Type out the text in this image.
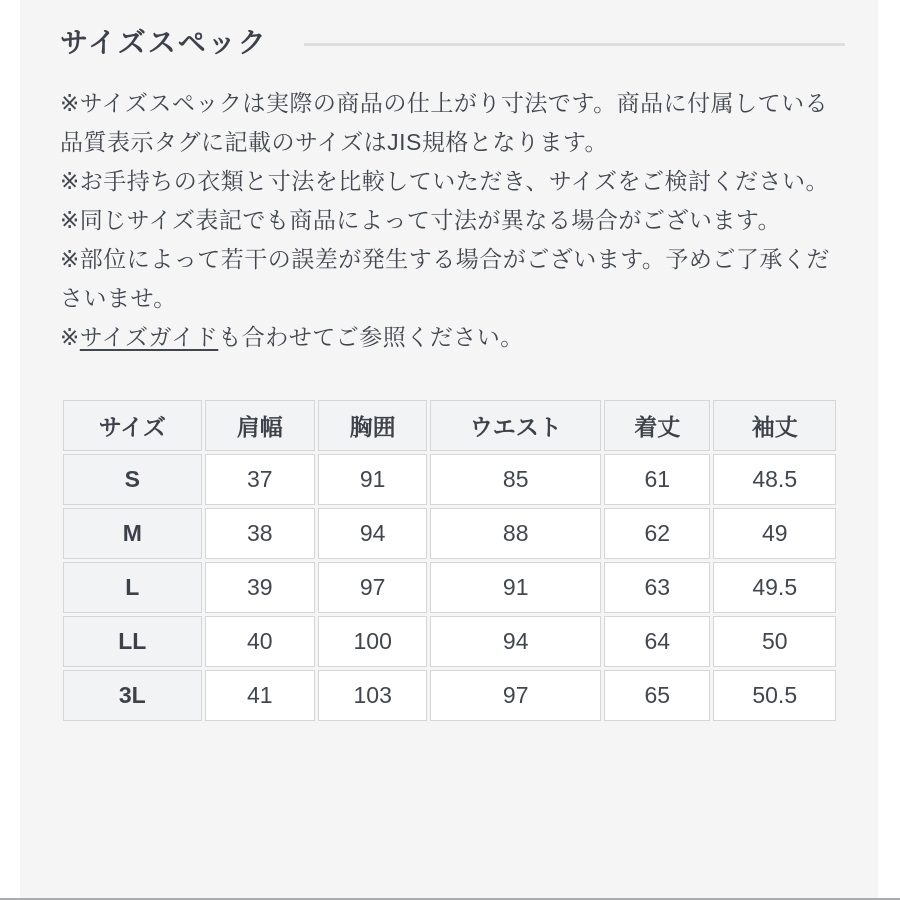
サイズスペック
※サイズスペックは実際の商品の仕上がり寸法です。商品に付属している品質表示タグに記載のサイズはJIS規格となります。
※お手持ちの衣類と寸法を比較していただき、サイズをご検討ください。
※同じサイズ表記でも商品によって寸法が異なる場合がございます。
※部位によって若干の誤差が発生する場合がございます。予めご了承くださいませ。
※サイズガイドも合わせてご参照ください。
サイズ	肩幅	胸囲	ウエスト	着丈	袖丈
S	37	91	85	61	48.5
M	38	94	88	62	49
L	39	97	91	63	49.5
LL	40	100	94	64	50
3L	41	103	97	65	50.5
